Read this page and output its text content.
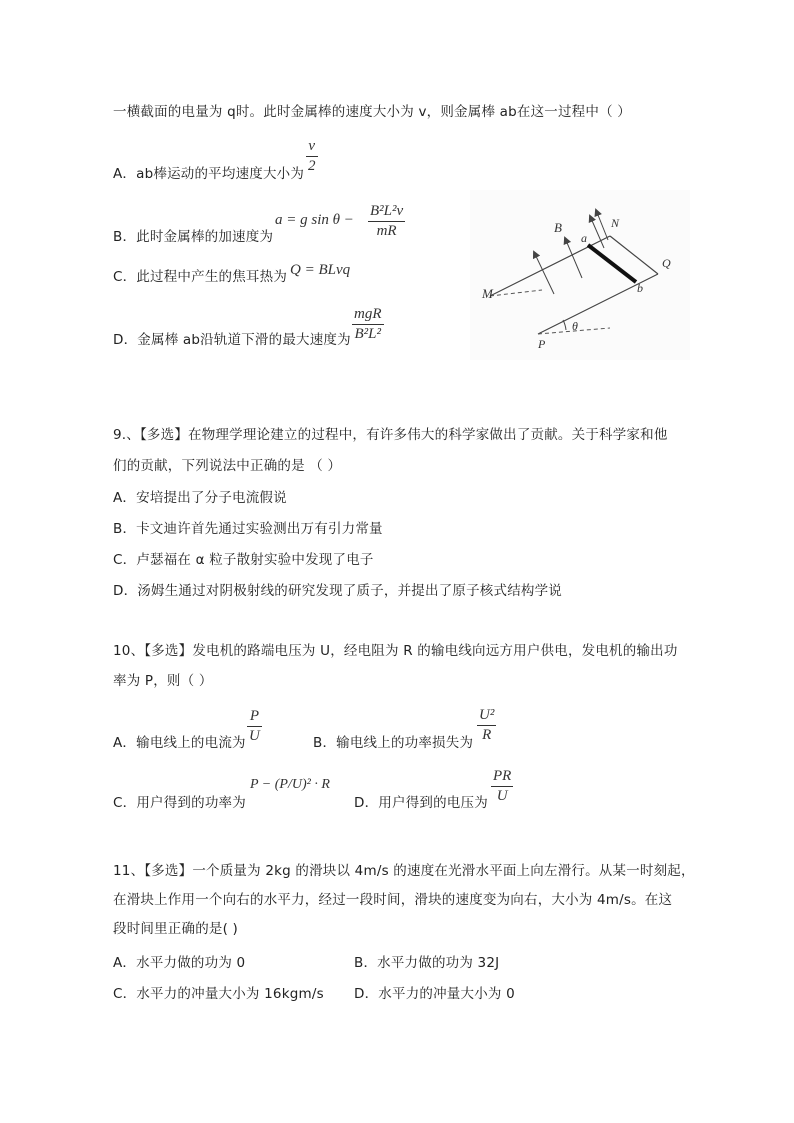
一横截面的电量为 q时。此时金属棒的速度大小为 v，则金属棒 ab在这一过程中（ ）
A．ab棒运动的平均速度大小为
v
2
B．此时金属棒的加速度为
a = g sin θ −
B²L²v
mR
C．此过程中产生的焦耳热为 Q = BLvq
D．金属棒 ab沿轨道下滑的最大速度为
mgR
B²L²
B
a
N
Q
b
M
P
θ
9.、【多选】在物理学理论建立的过程中，有许多伟大的科学家做出了贡献。关于科学家和他
们的贡献，下列说法中正确的是 （ ）
A．安培提出了分子电流假说
B．卡文迪许首先通过实验测出万有引力常量
C．卢瑟福在 α 粒子散射实验中发现了电子
D．汤姆生通过对阴极射线的研究发现了质子，并提出了原子核式结构学说
10、【多选】发电机的路端电压为 U，经电阻为 R 的输电线向远方用户供电，发电机的输出功
率为 P，则（ ）
A．输电线上的电流为
P
U	B．输电线上的功率损失为
U²
R
C．用户得到的功率为
P − (P/U)² · R
D．用户得到的电压为
PR
U
11、【多选】一个质量为 2kg 的滑块以 4m/s 的速度在光滑水平面上向左滑行。从某一时刻起，
在滑块上作用一个向右的水平力，经过一段时间，滑块的速度变为向右，大小为 4m/s。在这
段时间里正确的是( )
A．水平力做的功为 0	B．水平力做的功为 32J
C．水平力的冲量大小为 16kgm/s D．水平力的冲量大小为 0
